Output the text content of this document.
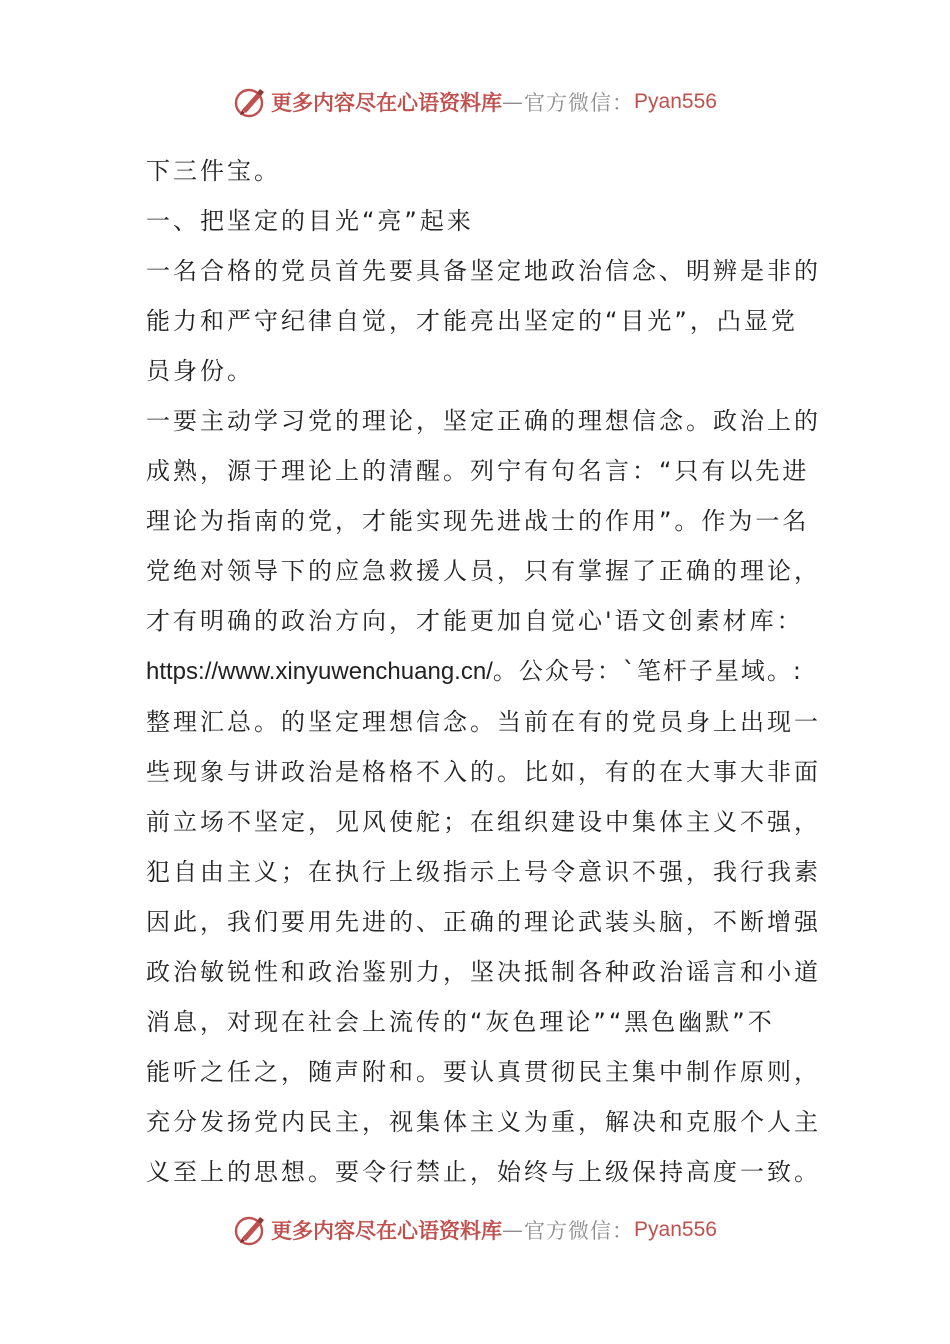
更多内容尽在心语资料库 — 官方微信： Pyan556

下三件宝。

一、把坚定的目光“亮”起来

一名合格的党员首先要具备坚定地政治信念、明辨是非的

能力和严守纪律自觉，才能亮出坚定的“目光”，凸显党

员身份。

一要主动学习党的理论，坚定正确的理想信念。政治上的

成熟，源于理论上的清醒。列宁有句名言：“只有以先进

理论为指南的党，才能实现先进战士的作用”。作为一名

党绝对领导下的应急救援人员，只有掌握了正确的理论，

才有明确的政治方向，才能更加自觉心'语文创素材库：

https://www.xinyuwenchuang.cn/。公众号：`笔杆子星域。:

整理汇总。的坚定理想信念。当前在有的党员身上出现一

些现象与讲政治是格格不入的。比如，有的在大事大非面

前立场不坚定，见风使舵；在组织建设中集体主义不强，

犯自由主义；在执行上级指示上号令意识不强，我行我素

因此，我们要用先进的、正确的理论武装头脑，不断增强

政治敏锐性和政治鉴别力，坚决抵制各种政治谣言和小道

消息，对现在社会上流传的“灰色理论”“黑色幽默”不

能听之任之，随声附和。要认真贯彻民主集中制作原则，

充分发扬党内民主，视集体主义为重，解决和克服个人主

义至上的思想。要令行禁止，始终与上级保持高度一致。

更多内容尽在心语资料库 — 官方微信： Pyan556
